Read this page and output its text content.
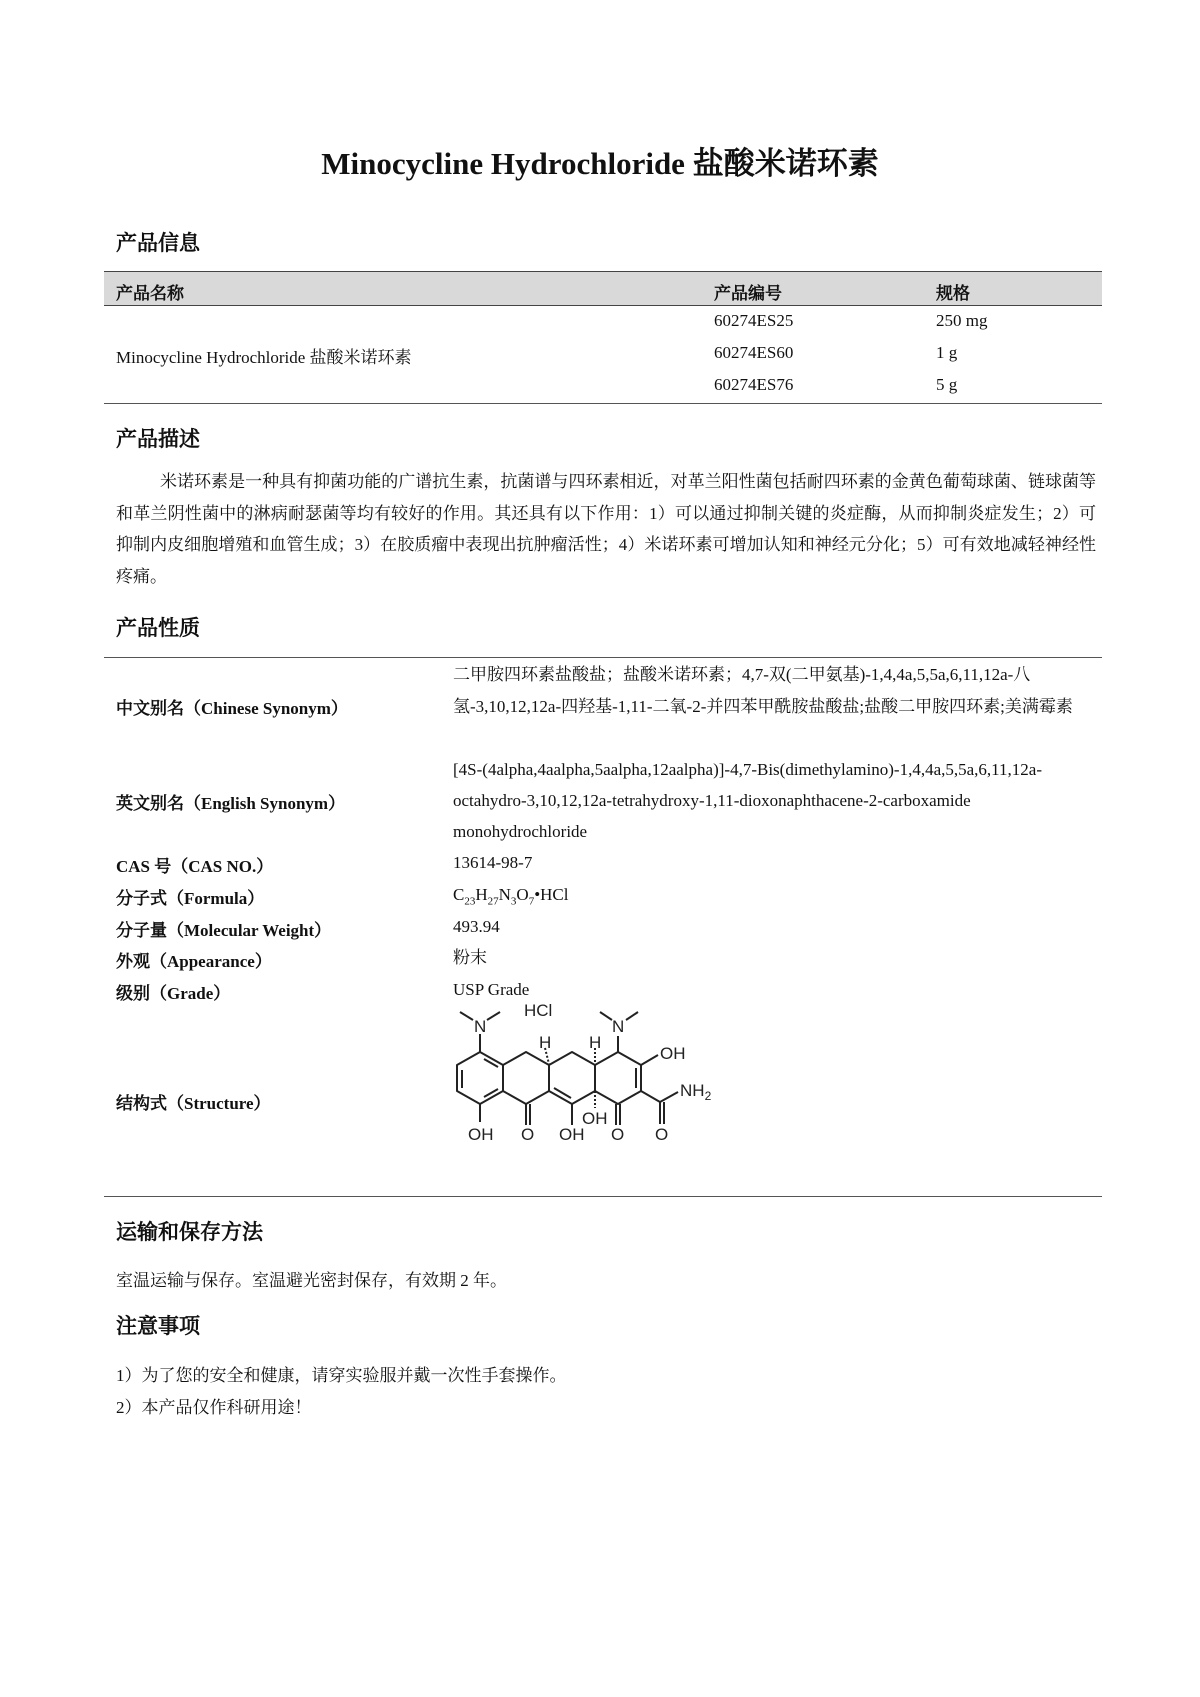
Minocycline Hydrochloride 盐酸米诺环素
产品信息
产品名称	产品编号	规格
Minocycline Hydrochloride 盐酸米诺环素
60274ES25	250 mg
60274ES60	1 g
60274ES76	5 g
产品描述

米诺环素是一种具有抑菌功能的广谱抗生素，抗菌谱与四环素相近，对革兰阳性菌包括耐四环素的金黄色葡萄球菌、链球菌等和革兰阴性菌中的淋病耐瑟菌等均有较好的作用。其还具有以下作用：1）可以通过抑制关键的炎症酶，从而抑制炎症发生；2）可抑制内皮细胞增殖和血管生成；3）在胶质瘤中表现出抗肿瘤活性；4）米诺环素可增加认知和神经元分化；5）可有效地减轻神经性疼痛。

产品性质
中文别名（Chinese Synonym）
二甲胺四环素盐酸盐；盐酸米诺环素；4,7-双(二甲氨基)-1,4,4a,5,5a,6,11,12a-八氢-3,10,12,12a-四羟基-1,11-二氧-2-并四苯甲酰胺盐酸盐;盐酸二甲胺四环素;美满霉素
英文别名（English Synonym）
[4S-(4alpha,4aalpha,5aalpha,12aalpha)]-4,7-Bis(dimethylamino)-1,4,4a,5,5a,6,11,12a-octahydro-3,10,12,12a-tetrahydroxy-1,11-dioxonaphthacene-2-carboxamide monohydrochloride
CAS 号（CAS NO.）	13614-98-7
分子式（Formula）	$C_{23}H_{27}N_3O_7•HCl$
分子量（Molecular Weight）	493.94
外观（Appearance）	粉末
级别（Grade）	USP Grade
结构式（Structure）
HCl
N	N
H H
OH
$NH_2$
OH O OH
OH
O O
运输和保存方法
室温运输与保存。室温避光密封保存，有效期 2 年。
注意事项
1）为了您的安全和健康，请穿实验服并戴一次性手套操作。
2）本产品仅作科研用途！
